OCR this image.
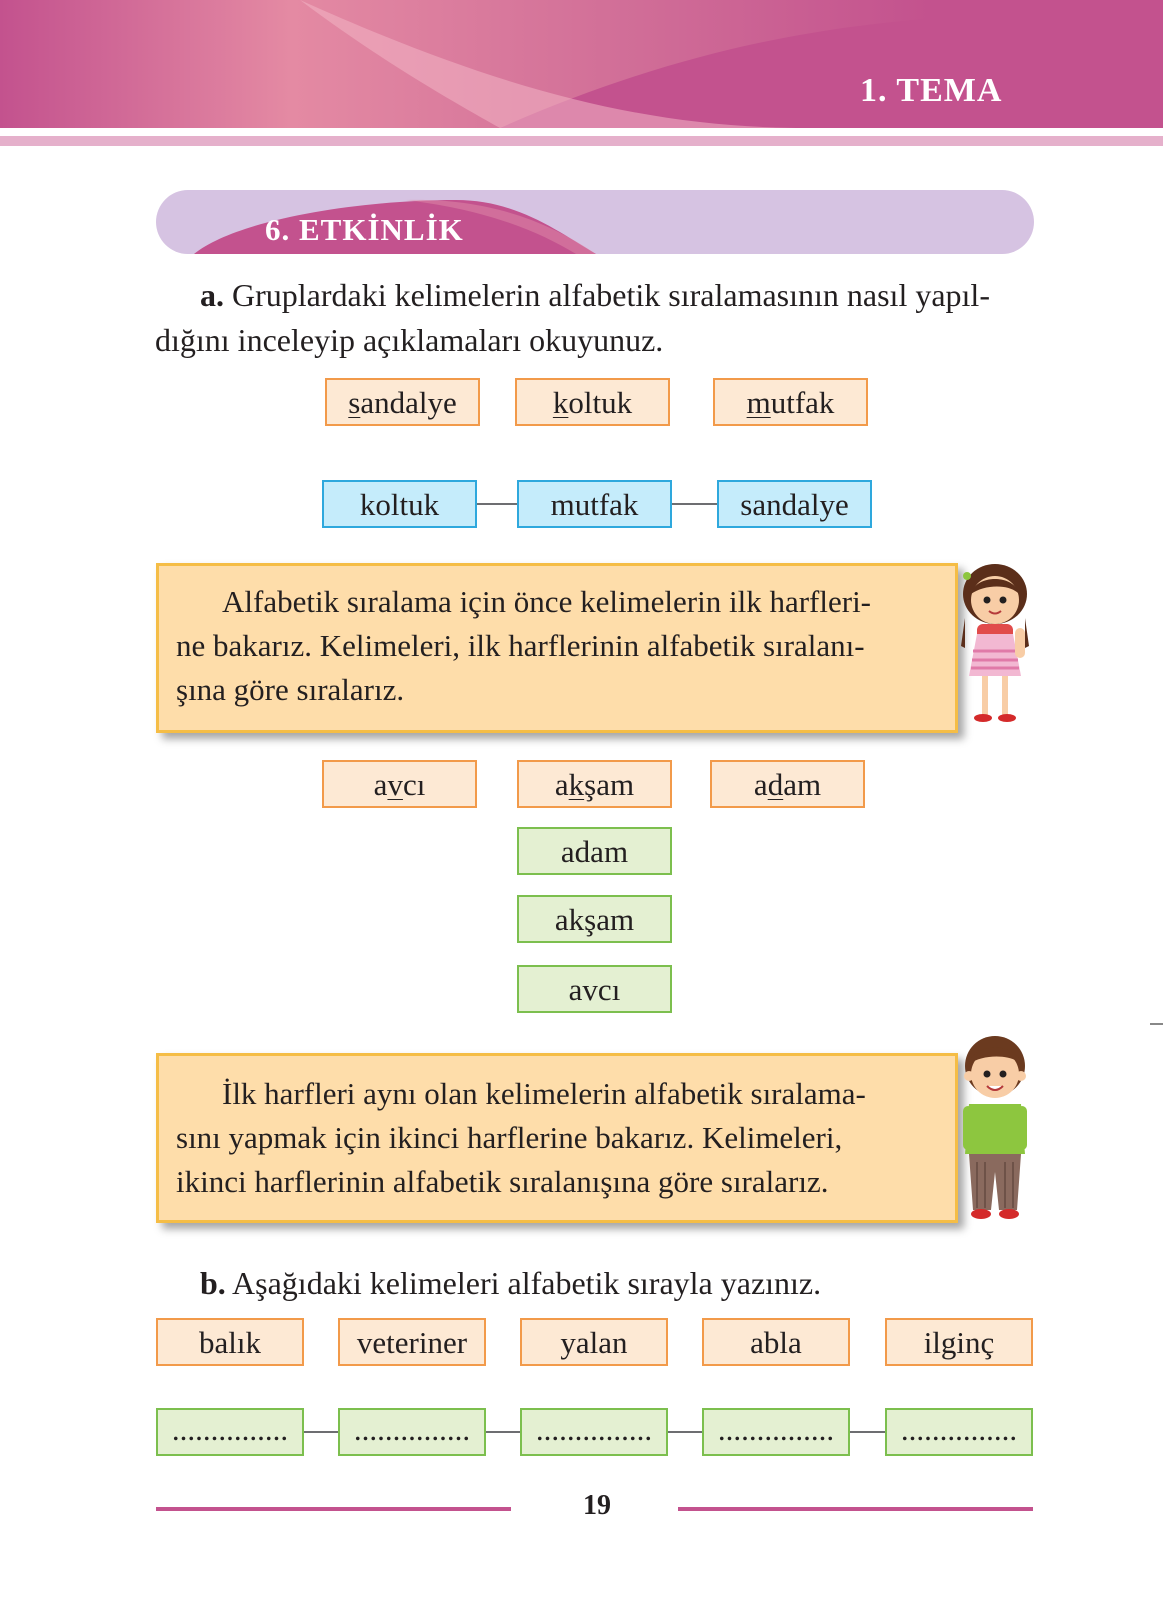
1. TEMA
6. ETKİNLİK
a. Gruplardaki kelimelerin alfabetik sıralamasının nasıl yapıl-
dığını inceleyip açıklamaları okuyunuz.
sandalye	koltuk	mutfak
koltuk	mutfak	sandalye
Alfabetik sıralama için önce kelimelerin ilk harfleri-
ne bakarız. Kelimeleri, ilk harflerinin alfabetik sıralanı-
şına göre sıralarız.
avcı	akşam	adam
adam
akşam
avcı
İlk harfleri aynı olan kelimelerin alfabetik sıralama-
sını yapmak için ikinci harflerine bakarız. Kelimeleri,
ikinci harflerinin alfabetik sıralanışına göre sıralarız.
b. Aşağıdaki kelimeleri alfabetik sırayla yazınız.
balık	veteriner	yalan	abla	ilginç
...............	...............	...............	...............	...............
19
